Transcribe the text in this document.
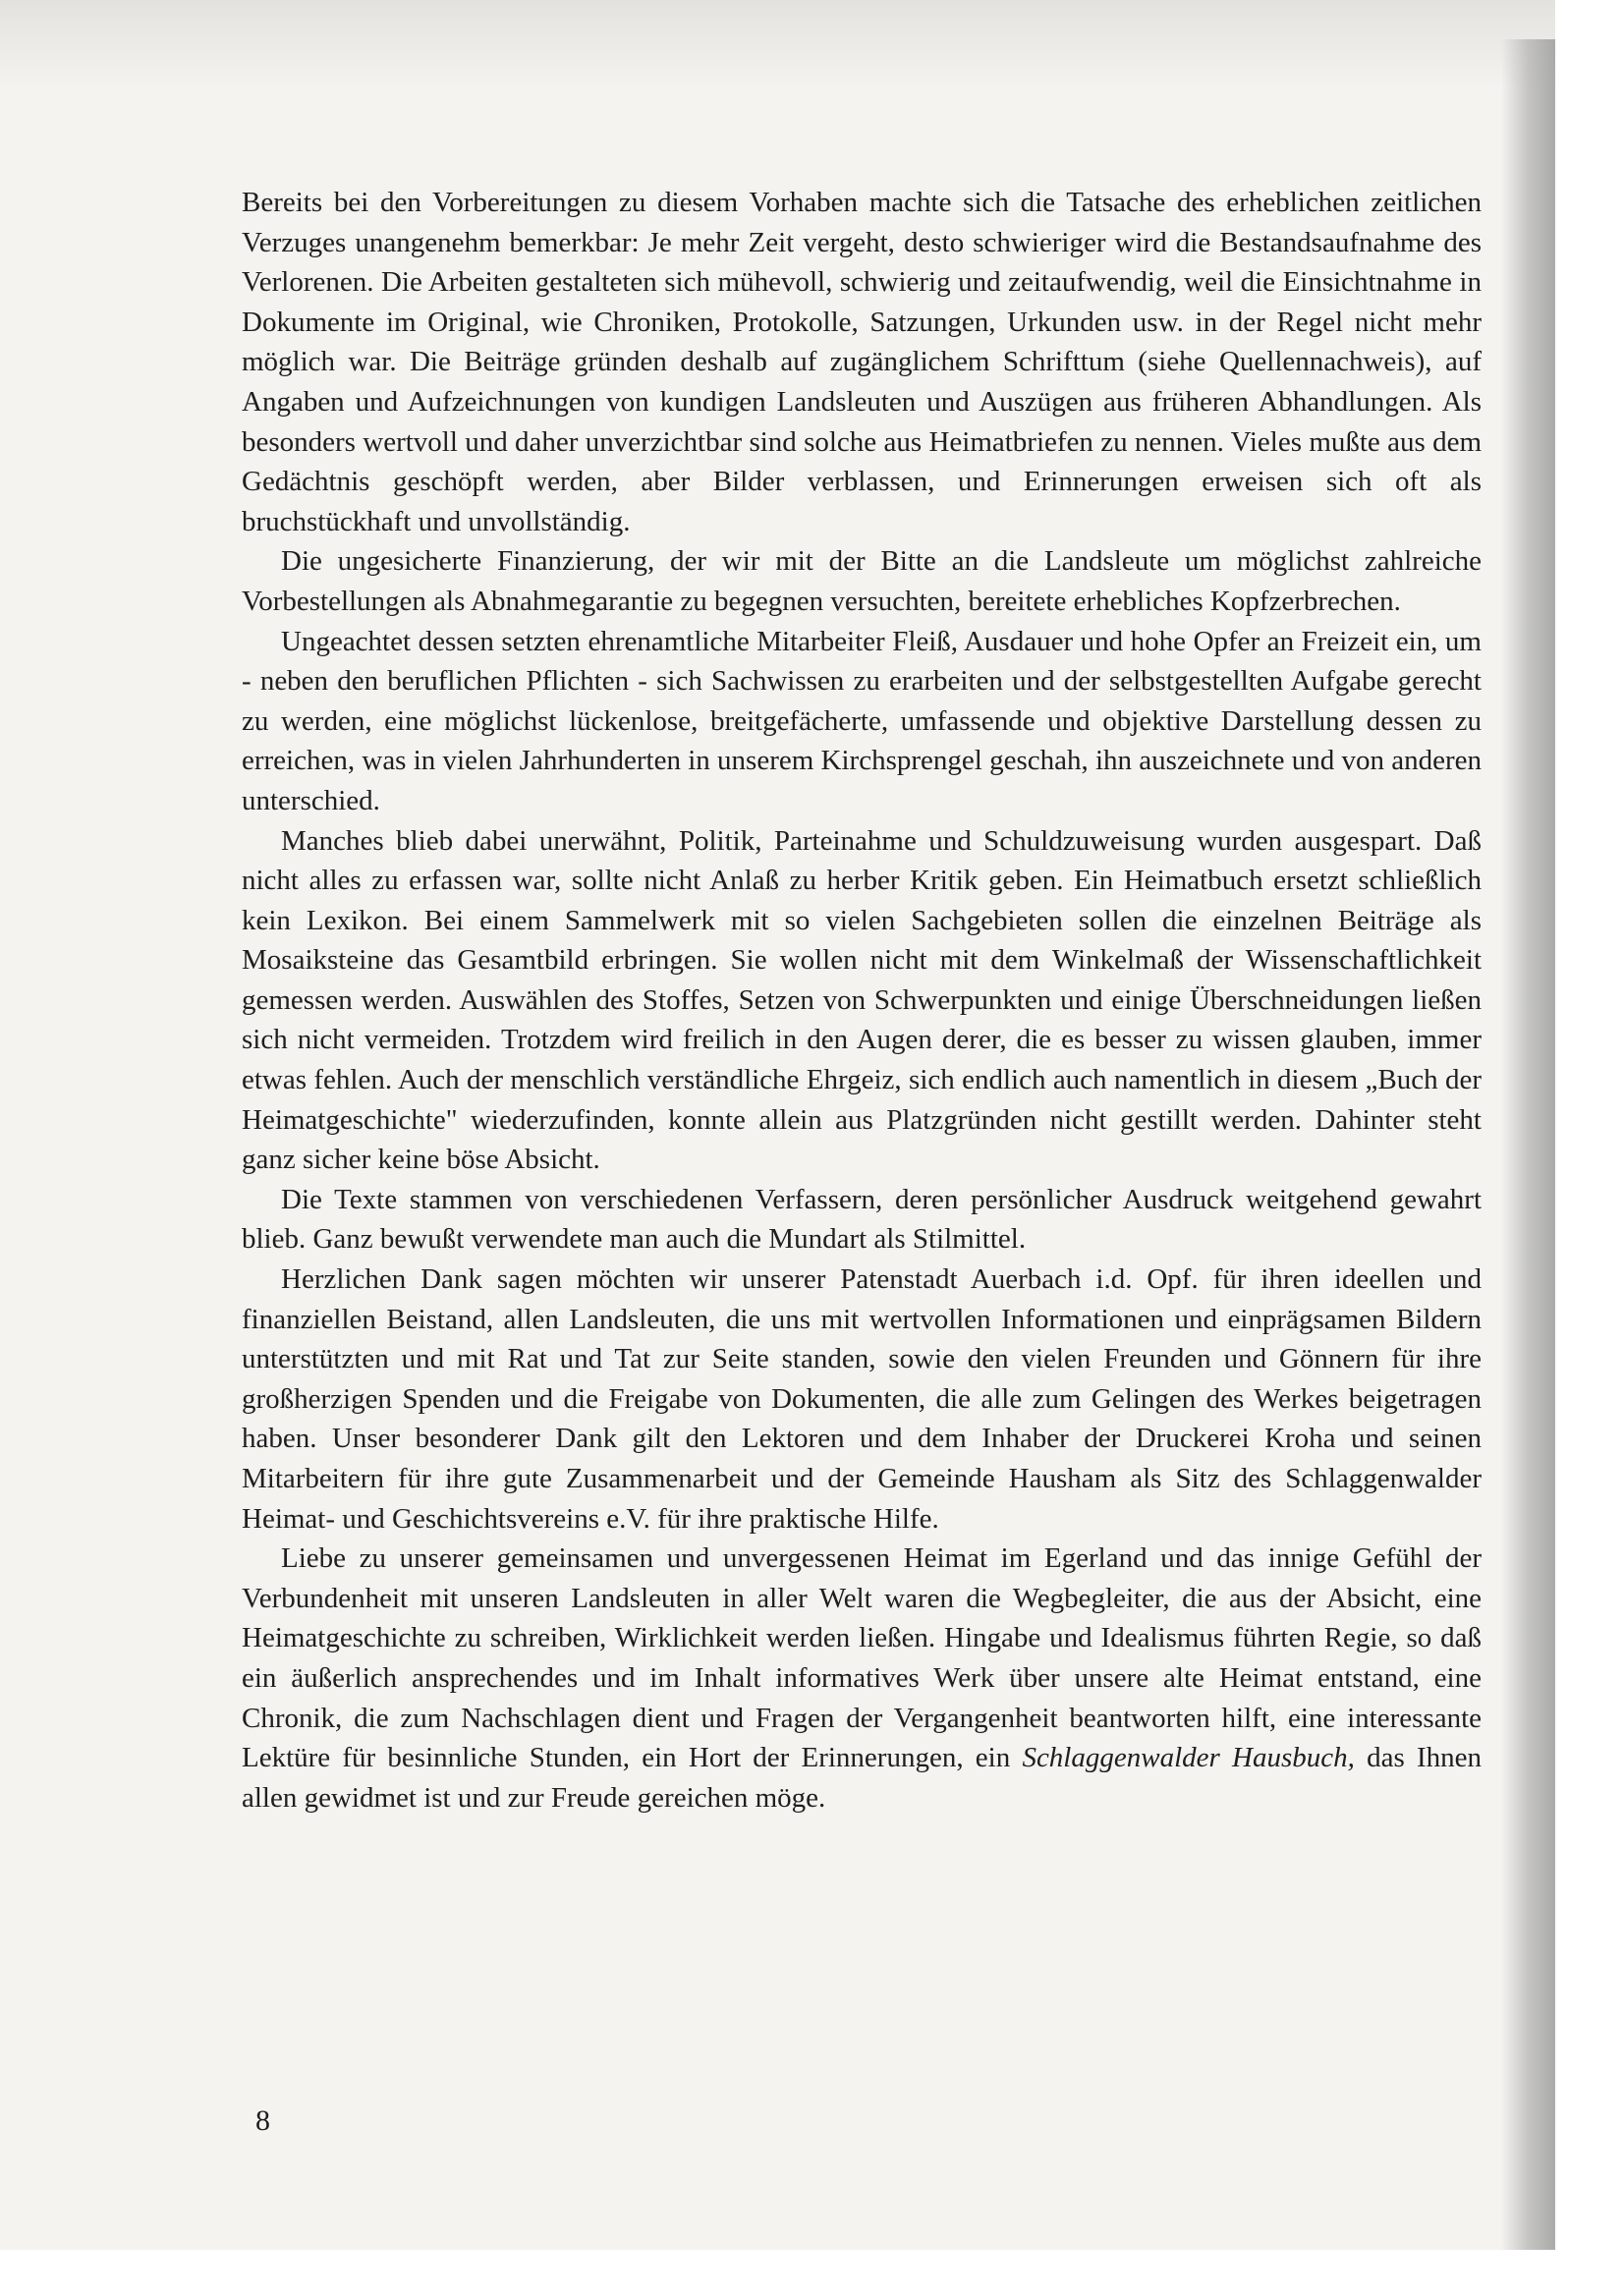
Bereits bei den Vorbereitungen zu diesem Vorhaben machte sich die Tatsache des erheblichen zeitlichen Verzuges unangenehm bemerkbar: Je mehr Zeit vergeht, desto schwieriger wird die Bestandsaufnahme des Verlorenen. Die Arbeiten gestalteten sich mühevoll, schwierig und zeitaufwendig, weil die Einsichtnahme in Dokumente im Original, wie Chroniken, Protokolle, Satzungen, Urkunden usw. in der Regel nicht mehr möglich war. Die Beiträge gründen deshalb auf zugänglichem Schrifttum (siehe Quellennachweis), auf Angaben und Aufzeichnungen von kundigen Landsleuten und Auszügen aus früheren Abhandlungen. Als besonders wertvoll und daher unverzichtbar sind solche aus Heimatbriefen zu nennen. Vieles mußte aus dem Gedächtnis geschöpft werden, aber Bilder verblassen, und Erinnerungen erweisen sich oft als bruchstückhaft und unvollständig.

Die ungesicherte Finanzierung, der wir mit der Bitte an die Landsleute um möglichst zahlreiche Vorbestellungen als Abnahmegarantie zu begegnen versuchten, bereitete erhebliches Kopfzerbrechen.

Ungeachtet dessen setzten ehrenamtliche Mitarbeiter Fleiß, Ausdauer und hohe Opfer an Freizeit ein, um - neben den beruflichen Pflichten - sich Sachwissen zu erarbeiten und der selbstgestellten Aufgabe gerecht zu werden, eine möglichst lückenlose, breitgefächerte, umfassende und objektive Darstellung dessen zu erreichen, was in vielen Jahrhunderten in unserem Kirchsprengel geschah, ihn auszeichnete und von anderen unterschied.

Manches blieb dabei unerwähnt, Politik, Parteinahme und Schuldzuweisung wurden ausgespart. Daß nicht alles zu erfassen war, sollte nicht Anlaß zu herber Kritik geben. Ein Heimatbuch ersetzt schließlich kein Lexikon. Bei einem Sammelwerk mit so vielen Sachgebieten sollen die einzelnen Beiträge als Mosaiksteine das Gesamtbild erbringen. Sie wollen nicht mit dem Winkelmaß der Wissenschaftlichkeit gemessen werden. Auswählen des Stoffes, Setzen von Schwerpunkten und einige Überschneidungen ließen sich nicht vermeiden. Trotzdem wird freilich in den Augen derer, die es besser zu wissen glauben, immer etwas fehlen. Auch der menschlich verständliche Ehrgeiz, sich endlich auch namentlich in diesem „Buch der Heimatgeschichte" wiederzufinden, konnte allein aus Platzgründen nicht gestillt werden. Dahinter steht ganz sicher keine böse Absicht.

Die Texte stammen von verschiedenen Verfassern, deren persönlicher Ausdruck weitgehend gewahrt blieb. Ganz bewußt verwendete man auch die Mundart als Stilmittel.

Herzlichen Dank sagen möchten wir unserer Patenstadt Auerbach i.d. Opf. für ihren ideellen und finanziellen Beistand, allen Landsleuten, die uns mit wertvollen Informationen und einprägsamen Bildern unterstützten und mit Rat und Tat zur Seite standen, sowie den vielen Freunden und Gönnern für ihre großherzigen Spenden und die Freigabe von Dokumenten, die alle zum Gelingen des Werkes beigetragen haben. Unser besonderer Dank gilt den Lektoren und dem Inhaber der Druckerei Kroha und seinen Mitarbeitern für ihre gute Zusammenarbeit und der Gemeinde Hausham als Sitz des Schlaggenwalder Heimat- und Geschichtsvereins e.V. für ihre praktische Hilfe.

Liebe zu unserer gemeinsamen und unvergessenen Heimat im Egerland und das innige Gefühl der Verbundenheit mit unseren Landsleuten in aller Welt waren die Wegbegleiter, die aus der Absicht, eine Heimatgeschichte zu schreiben, Wirklichkeit werden ließen. Hingabe und Idealismus führten Regie, so daß ein äußerlich ansprechendes und im Inhalt informatives Werk über unsere alte Heimat entstand, eine Chronik, die zum Nachschlagen dient und Fragen der Vergangenheit beantworten hilft, eine interessante Lektüre für besinnliche Stunden, ein Hort der Erinnerungen, ein Schlaggenwalder Hausbuch, das Ihnen allen gewidmet ist und zur Freude gereichen möge.

8
